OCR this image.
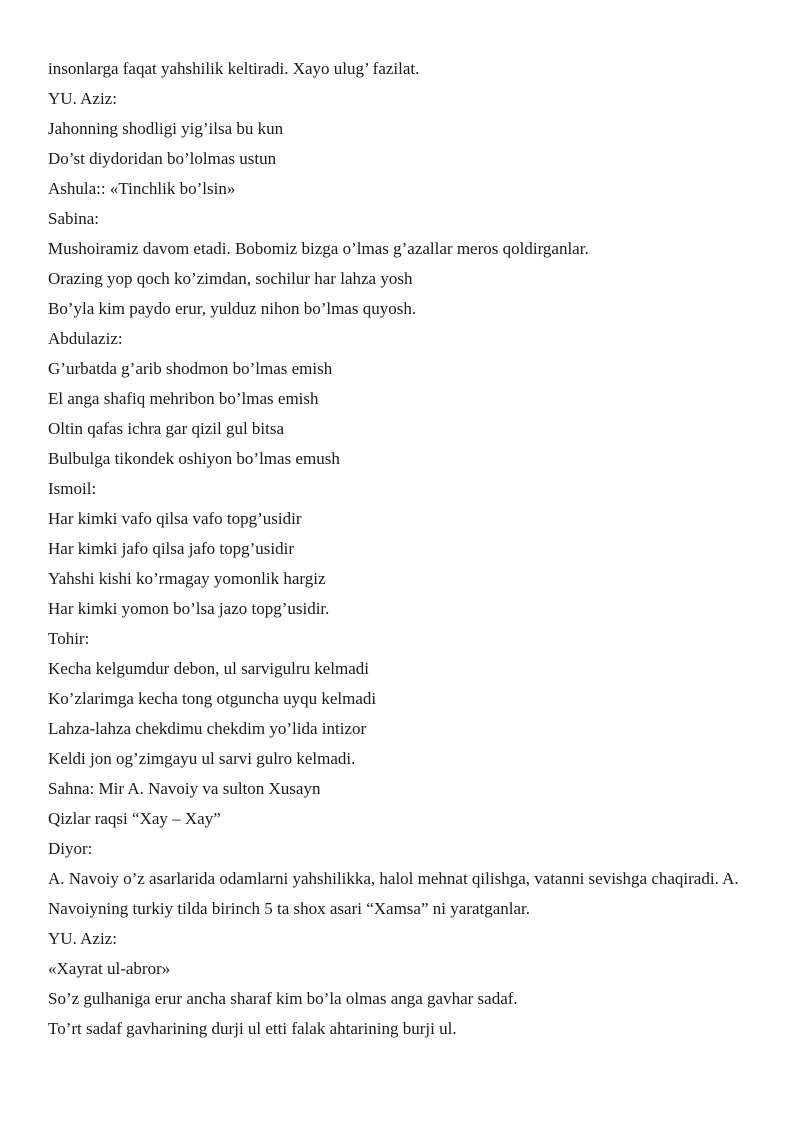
insonlarga faqat yahshilik keltiradi. Xayo ulug’ fazilat.
YU. Aziz:
Jahonning shodligi yig’ilsa bu kun
Do’st diydoridan bo’lolmas ustun
Ashula:: «Tinchlik bo’lsin»
Sabina:
Mushoiramiz davom etadi. Bobomiz bizga o’lmas g’azallar meros qoldirganlar.
Orazing yop qoch ko’zimdan, sochilur har lahza yosh
Bo’yla kim paydo erur, yulduz nihon bo’lmas quyosh.
Abdulaziz:
G’urbatda g’arib shodmon bo’lmas emish
El anga shafiq mehribon bo’lmas emish
Oltin qafas ichra gar qizil gul bitsa
Bulbulga tikondek oshiyon bo’lmas emush
Ismoil:
Har kimki vafo qilsa vafo topg’usidir
Har kimki jafo qilsa jafo topg’usidir
Yahshi kishi ko’rmagay yomonlik hargiz
Har kimki yomon bo’lsa jazo topg’usidir.
Tohir:
Kecha kelgumdur debon, ul sarvigulru kelmadi
Ko’zlarimga kecha tong otguncha uyqu kelmadi
Lahza-lahza chekdimu chekdim yo’lida intizor
Keldi jon og’zimgayu ul sarvi gulro kelmadi.
Sahna: Mir A. Navoiy va sulton Xusayn
Qizlar raqsi “Xay – Xay”
Diyor:
A. Navoiy o’z asarlarida odamlarni yahshilikka, halol mehnat qilishga, vatanni sevishga chaqiradi. A. Navoiyning turkiy tilda birinch 5 ta shox asari “Xamsa” ni yaratganlar.
YU. Aziz:
«Xayrat ul-abror»
So’z gulhaniga erur ancha sharaf kim bo’la olmas anga gavhar sadaf.
To’rt sadaf gavharining durji ul etti falak ahtarining burji ul.
